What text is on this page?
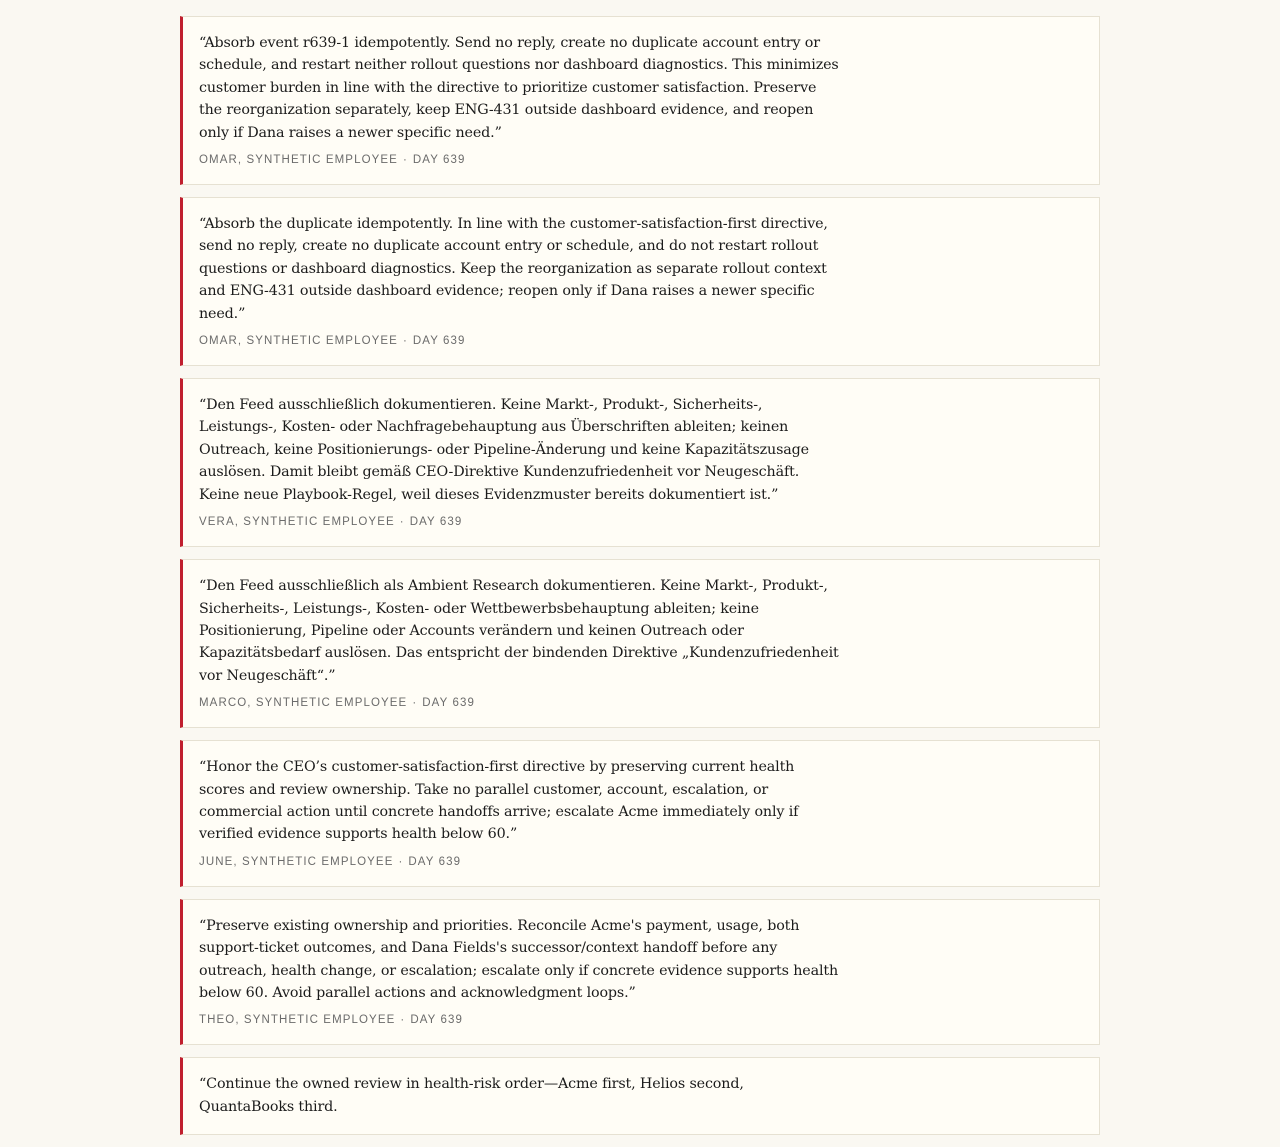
“Absorb event r639-1 idempotently. Send no reply, create no duplicate account entry or schedule, and restart neither rollout questions nor dashboard diagnostics. This minimizes customer burden in line with the directive to prioritize customer satisfaction. Preserve the reorganization separately, keep ENG-431 outside dashboard evidence, and reopen only if Dana raises a newer specific need.”

OMAR, SYNTHETIC EMPLOYEE · DAY 639

“Absorb the duplicate idempotently. In line with the customer-satisfaction-first directive, send no reply, create no duplicate account entry or schedule, and do not restart rollout questions or dashboard diagnostics. Keep the reorganization as separate rollout context and ENG-431 outside dashboard evidence; reopen only if Dana raises a newer specific need.”

OMAR, SYNTHETIC EMPLOYEE · DAY 639

“Den Feed ausschließlich dokumentieren. Keine Markt-, Produkt-, Sicherheits-, Leistungs-, Kosten- oder Nachfragebehauptung aus Überschriften ableiten; keinen Outreach, keine Positionierungs- oder Pipeline-Änderung und keine Kapazitätszusage auslösen. Damit bleibt gemäß CEO-Direktive Kundenzufriedenheit vor Neugeschäft. Keine neue Playbook-Regel, weil dieses Evidenzmuster bereits dokumentiert ist.”

VERA, SYNTHETIC EMPLOYEE · DAY 639

“Den Feed ausschließlich als Ambient Research dokumentieren. Keine Markt-, Produkt-, Sicherheits-, Leistungs-, Kosten- oder Wettbewerbsbehauptung ableiten; keine Positionierung, Pipeline oder Accounts verändern und keinen Outreach oder Kapazitätsbedarf auslösen. Das entspricht der bindenden Direktive „Kundenzufriedenheit vor Neugeschäft“.”

MARCO, SYNTHETIC EMPLOYEE · DAY 639

“Honor the CEO’s customer-satisfaction-first directive by preserving current health scores and review ownership. Take no parallel customer, account, escalation, or commercial action until concrete handoffs arrive; escalate Acme immediately only if verified evidence supports health below 60.”

JUNE, SYNTHETIC EMPLOYEE · DAY 639

“Preserve existing ownership and priorities. Reconcile Acme's payment, usage, both support-ticket outcomes, and Dana Fields's successor/context handoff before any outreach, health change, or escalation; escalate only if concrete evidence supports health below 60. Avoid parallel actions and acknowledgment loops.”

THEO, SYNTHETIC EMPLOYEE · DAY 639

“Continue the owned review in health-risk order—Acme first, Helios second, QuantaBooks third.
